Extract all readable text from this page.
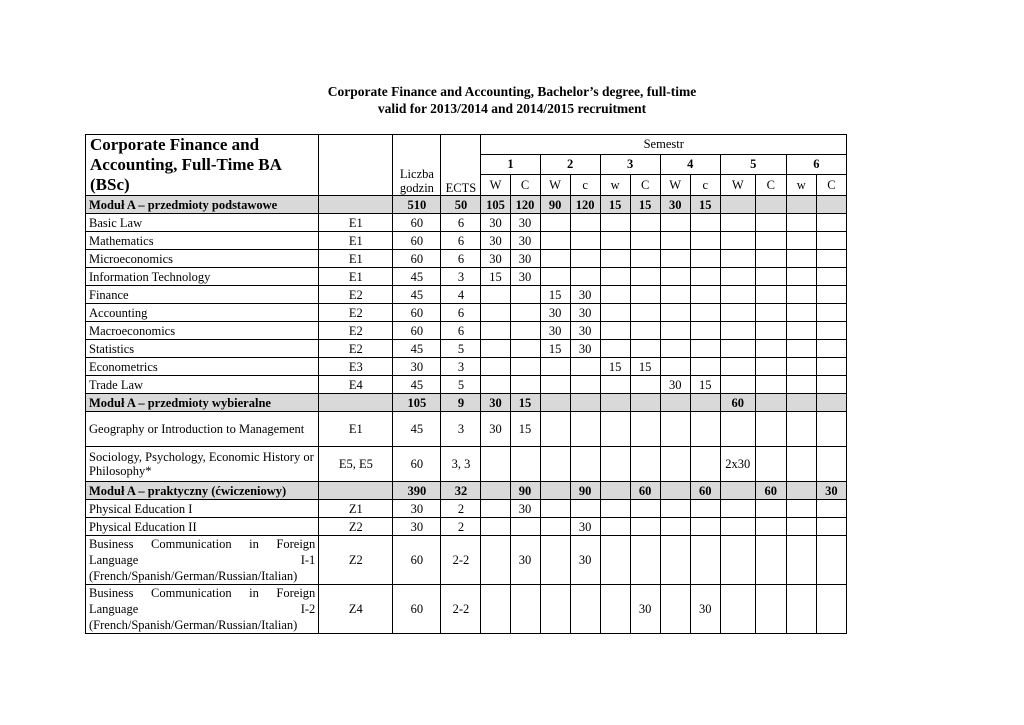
Corporate Finance and Accounting, Bachelor’s degree, full-time
valid for 2013/2014 and 2014/2015 recruitment
Corporate Finance and Accounting, Full-Time BA (BSc)		Liczba godzin	ECTS	Semestr											
				1		2		3		4		5		6	
				W	C	W	c	w	C	W	c	W	C	w	C
Moduł A – przedmioty podstawowe		510	50	105	120	90	120	15	15	30	15				
Basic Law	E1	60	6	30	30										
Mathematics	E1	60	6	30	30										
Microeconomics	E1	60	6	30	30										
Information Technology	E1	45	3	15	30										
Finance	E2	45	4			15	30								
Accounting	E2	60	6			30	30								
Macroeconomics	E2	60	6			30	30								
Statistics	E2	45	5			15	30								
Econometrics	E3	30	3					15	15						
Trade Law	E4	45	5							30	15				
Moduł A – przedmioty wybieralne		105	9	30	15							60			
Geography or Introduction to Management	E1	45	3	30	15										
Sociology, Psychology, Economic History or Philosophy*	E5, E5	60	3, 3									2x30			
Moduł A – praktyczny (ćwiczeniowy)		390	32		90		90		60		60		60		30
Physical Education I	Z1	30	2		30										
Physical Education II	Z2	30	2				30								
Business Communication in Foreign Language I-1 (French/Spanish/German/Russian/Italian)	Z2	60	2-2		30		30								
Business Communication in Foreign Language I-2 (French/Spanish/German/Russian/Italian)	Z4	60	2-2						30		30				
